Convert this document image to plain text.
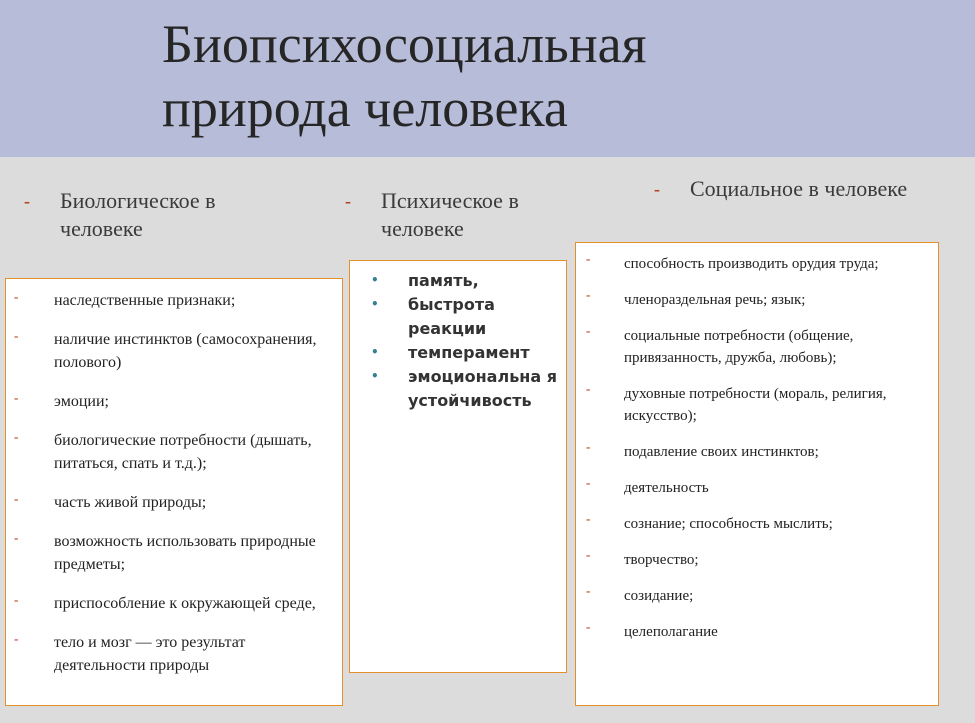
Биопсихосоциальная
природа человека
‐ Биологическое в
человеке
‐ Психическое в
человеке
‐ Социальное в человеке
- наследственные признаки;
- наличие инстинктов (самосохранения, полового)
- эмоции;
- биологические потребности (дышать, питаться, спать и т.д.);
- часть живой природы;
- возможность использовать природные предметы;
- приспособление к окружающей среде,
- тело и мозг — это результат деятельности природы
• память,
• быстрота реакции
• темперамент
• эмоциональна я устойчивость
- способность производить орудия труда;
- членораздельная речь; язык;
- социальные потребности (общение, привязанность, дружба, любовь);
- духовные потребности (мораль, религия, искусство);
- подавление своих инстинктов;
- деятельность
- сознание; способность мыслить;
- творчество;
- созидание;
- целеполагание
